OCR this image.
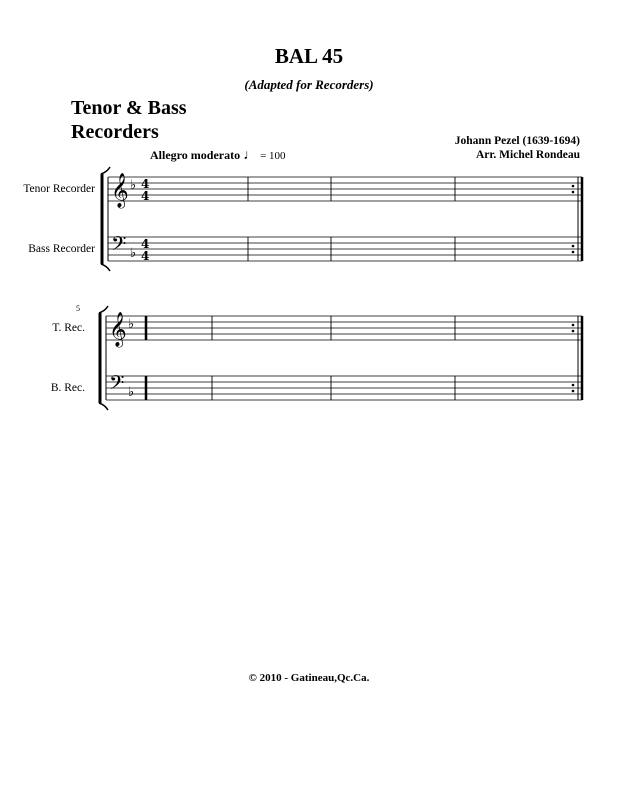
BAL 45
(Adapted for Recorders)
Tenor & Bass
Recorders	Johann Pezel (1639-1694)
Arr. Michel Rondeau
Allegro moderato ♩ = 100
Tenor Recorder
Bass Recorder
T. Rec.
B. Rec.
5
𝄞 ♭ 4
4
𝄢 ♭
4
4
𝄞 ♭
𝄢 ♭
© 2010 - Gatineau,Qc.Ca.
